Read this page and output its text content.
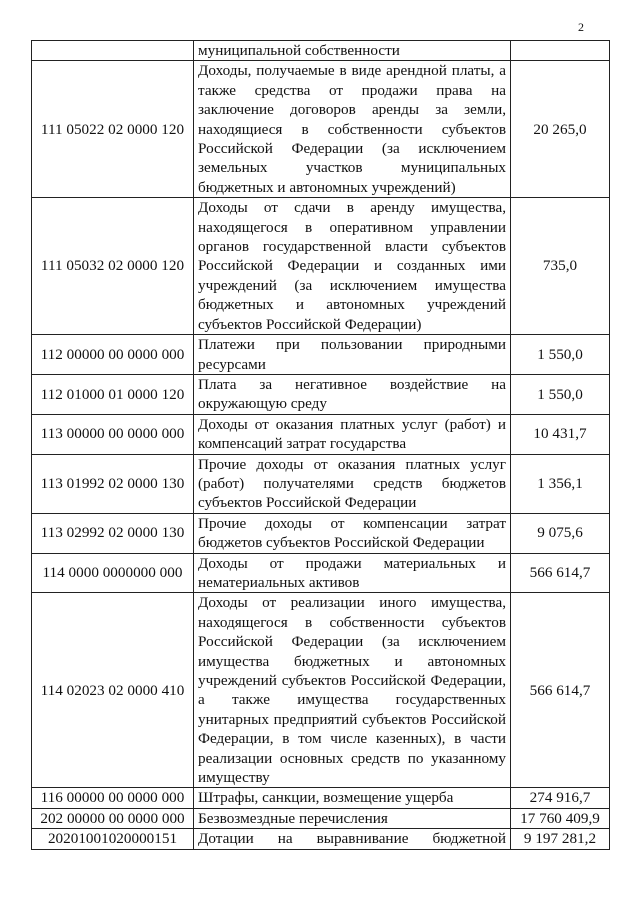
2
	муниципальной собственности	
111 05022 02 0000 120	Доходы, получаемые в виде арендной платы, а также средства от продажи права на заключение договоров аренды за земли, находящиеся в собственности субъектов Российской Федерации (за исключением земельных участков муниципальных бюджетных и автономных учреждений)	20 265,0
111 05032 02 0000 120	Доходы от сдачи в аренду имущества, находящегося в оперативном управлении органов государственной власти субъектов Российской Федерации и созданных ими учреждений (за исключением имущества бюджетных и автономных учреждений субъектов Российской Федерации)	735,0
112 00000 00 0000 000	Платежи при пользовании природными ресурсами	1 550,0
112 01000 01 0000 120	Плата за негативное воздействие на окружающую среду	1 550,0
113 00000 00 0000 000	Доходы от оказания платных услуг (работ) и компенсаций затрат государства	10 431,7
113 01992 02 0000 130	Прочие доходы от оказания платных услуг (работ) получателями средств бюджетов субъектов Российской Федерации	1 356,1
113 02992 02 0000 130	Прочие доходы от компенсации затрат бюджетов субъектов Российской Федерации	9 075,6
114 0000 0000000 000	Доходы от продажи материальных и нематериальных активов	566 614,7
114 02023 02 0000 410	Доходы от реализации иного имущества, находящегося в собственности субъектов Российской Федерации (за исключением имущества бюджетных и автономных учреждений субъектов Российской Федерации, а также имущества государственных унитарных предприятий субъектов Российской Федерации, в том числе казенных), в части реализации основных средств по указанному имуществу	566 614,7
116 00000 00 0000 000	Штрафы, санкции, возмещение ущерба	274 916,7
202 00000 00 0000 000	Безвозмездные перечисления	17 760 409,9
20201001020000151	Дотации на выравнивание бюджетной	9 197 281,2
